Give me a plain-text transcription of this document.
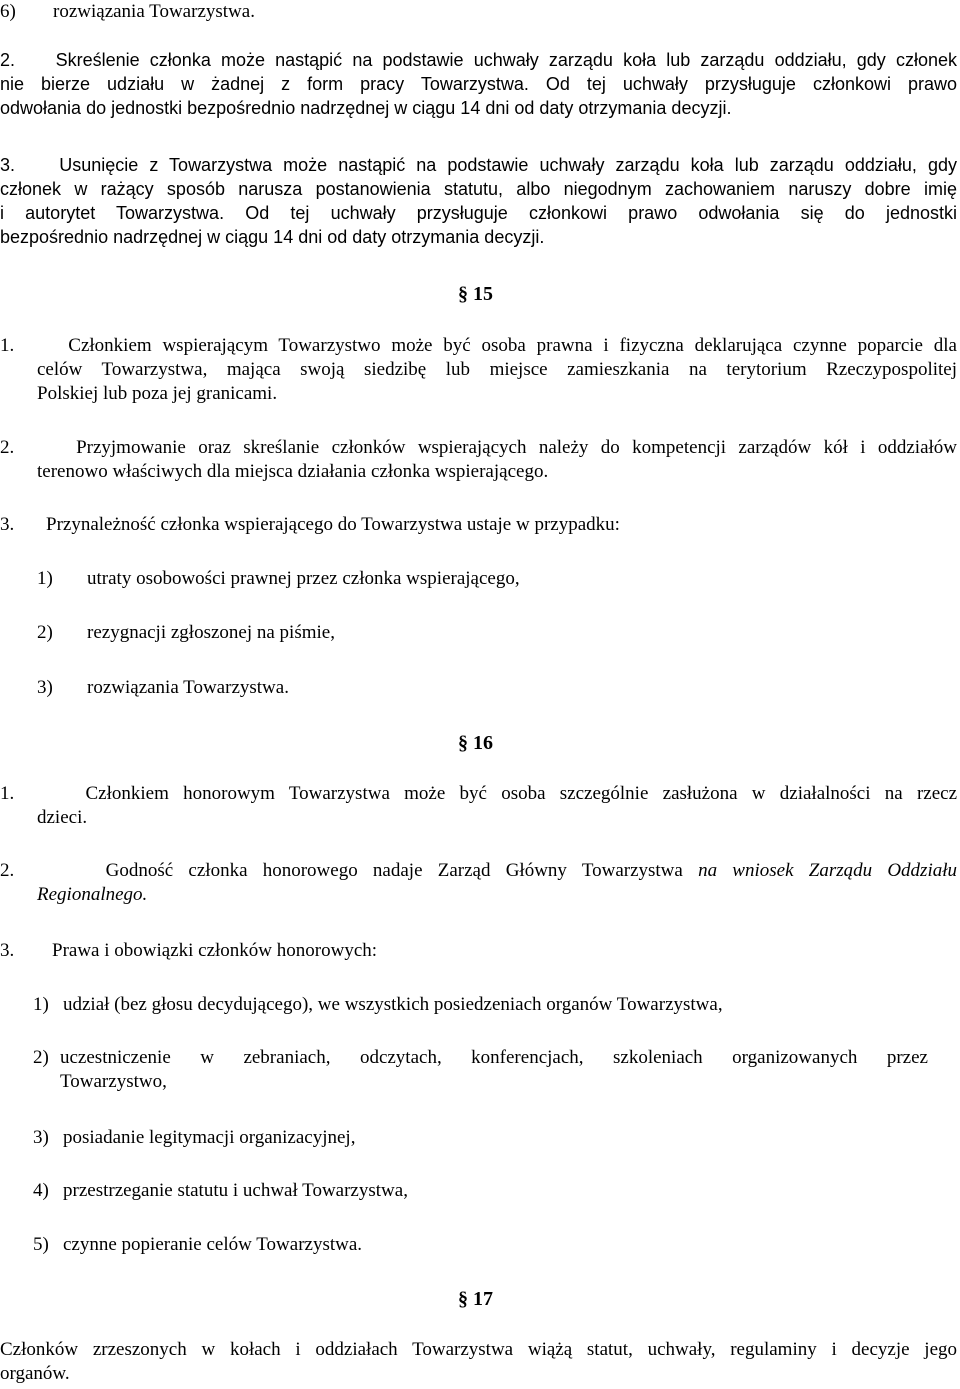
6) rozwiązania Towarzystwa.
2. Skreślenie członka może nastąpić na podstawie uchwały zarządu koła lub zarządu oddziału, gdy członek
nie bierze udziału w żadnej z form pracy Towarzystwa. Od tej uchwały przysługuje członkowi prawo
odwołania do jednostki bezpośrednio nadrzędnej w ciągu 14 dni od daty otrzymania decyzji.
3. Usunięcie z Towarzystwa może nastąpić na podstawie uchwały zarządu koła lub zarządu oddziału, gdy
członek w rażący sposób narusza postanowienia statutu, albo niegodnym zachowaniem naruszy dobre imię
i autorytet Towarzystwa. Od tej uchwały przysługuje członkowi prawo odwołania się do jednostki
bezpośrednio nadrzędnej w ciągu 14 dni od daty otrzymania decyzji.
§ 15
1.	Członkiem wspierającym Towarzystwo może być osoba prawna i fizyczna deklarująca czynne poparcie dla
celów Towarzystwa, mająca swoją siedzibę lub miejsce zamieszkania na terytorium Rzeczypospolitej
Polskiej lub poza jej granicami.
2.	Przyjmowanie oraz skreślanie członków wspierających należy do kompetencji zarządów kół i oddziałów
terenowo właściwych dla miejsca działania członka wspierającego.
3. Przynależność członka wspierającego do Towarzystwa ustaje w przypadku:
1) utraty osobowości prawnej przez członka wspierającego,
2) rezygnacji zgłoszonej na piśmie,
3) rozwiązania Towarzystwa.
§ 16
1.	Członkiem honorowym Towarzystwa może być osoba szczególnie zasłużona w działalności na rzecz
dzieci.
2.	Godność członka honorowego nadaje Zarząd Główny Towarzystwa na wniosek Zarządu Oddziału
Regionalnego.
3. Prawa i obowiązki członków honorowych:
1) udział (bez głosu decydującego), we wszystkich posiedzeniach organów Towarzystwa,
2) uczestniczenie w zebraniach, odczytach, konferencjach, szkoleniach organizowanych przez
Towarzystwo,
3) posiadanie legitymacji organizacyjnej,
4) przestrzeganie statutu i uchwał Towarzystwa,
5) czynne popieranie celów Towarzystwa.
§ 17
Członków zrzeszonych w kołach i oddziałach Towarzystwa wiążą statut, uchwały, regulaminy i decyzje jego
organów.
